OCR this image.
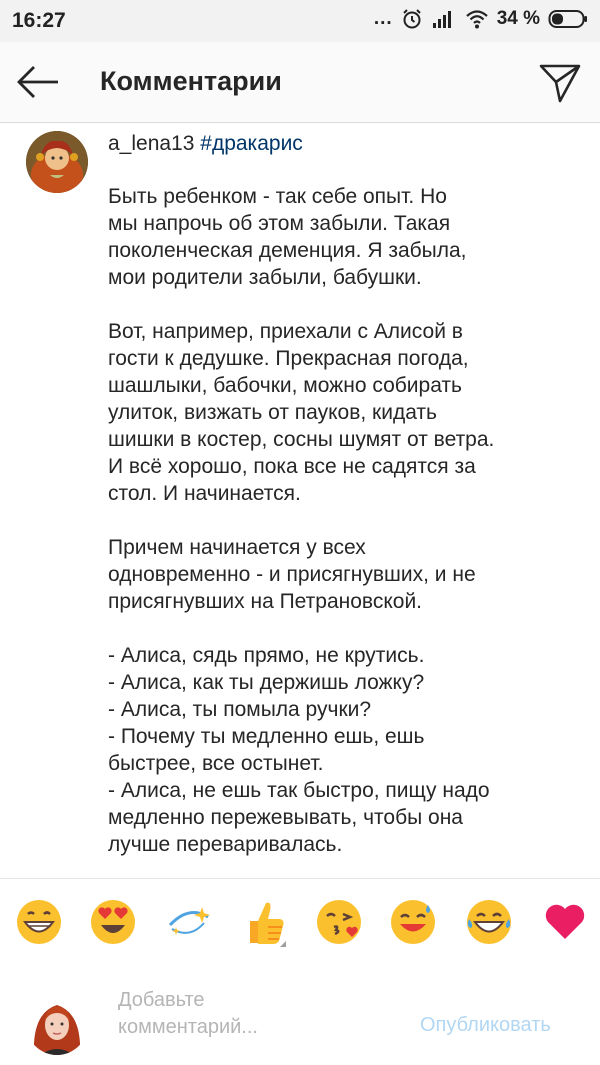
16:27	...	34 %
Комментарии
a_lena13 #дракарис

Быть ребенком - так себе опыт. Но
мы напрочь об этом забыли. Такая
поколенческая деменция. Я забыла,
мои родители забыли, бабушки.

Вот, например, приехали с Алисой в
гости к дедушке. Прекрасная погода,
шашлыки, бабочки, можно собирать
улиток, визжать от пауков, кидать
шишки в костер, сосны шумят от ветра.
И всё хорошо, пока все не садятся за
стол. И начинается.

Причем начинается у всех
одновременно - и присягнувших, и не
присягнувших на Петрановской.

- Алиса, сядь прямо, не крутись.
- Алиса, как ты держишь ложку?
- Алиса, ты помыла ручки?
- Почему ты медленно ешь, ешь
быстрее, все остынет.
- Алиса, не ешь так быстро, пищу надо
медленно пережевывать, чтобы она
лучше переваривалась.

Добавьте
комментарий...	Опубликовать
